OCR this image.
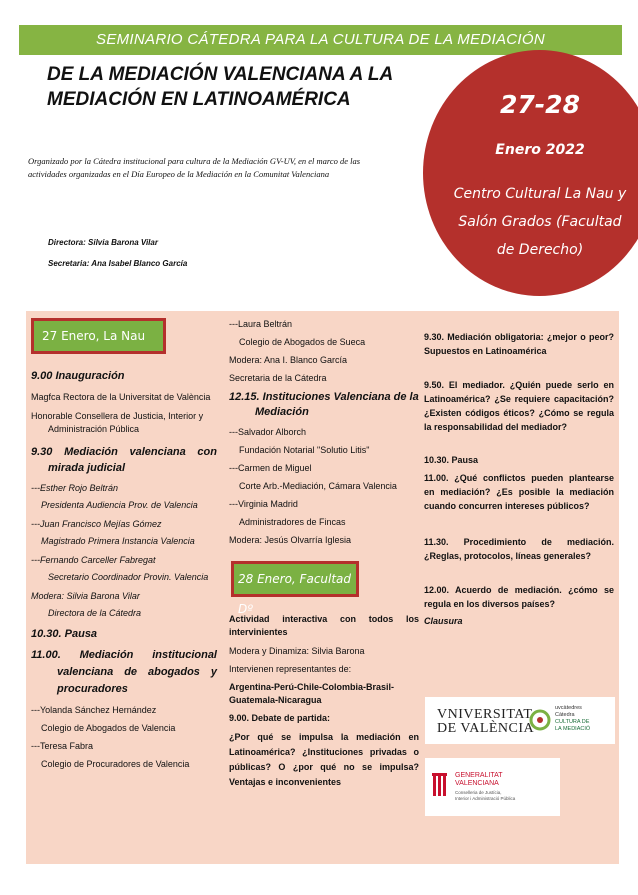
SEMINARIO CÁTEDRA PARA LA CULTURA DE LA MEDIACIÓN
DE LA MEDIACIÓN VALENCIANA A LA
MEDIACIÓN EN LATINOAMÉRICA
Organizado por la Cátedra institucional para cultura de la Mediación GV-UV, en el marco de las
actividades organizadas en el Día Europeo de la Mediación en la Comunitat Valenciana
Directora: Silvia Barona Vilar
Secretaria: Ana Isabel Blanco García
27-28
Enero 2022
Centro Cultural La Nau y
Salón Grados (Facultad
de Derecho)
27 Enero, La Nau
9.00 Inauguración
Magfca Rectora de la Universitat de València
Honorable Consellera de Justicia, Interior y Administración Pública
9.30 Mediación valenciana con mirada judicial
---Esther Rojo Beltrán
Presidenta Audiencia Prov. de Valencia
---Juan Francisco Mejías Gómez
Magistrado Primera Instancia Valencia
---Fernando Carceller Fabregat
Secretario Coordinador Provin. Valencia
Modera: Silvia Barona Vilar
Directora de la Cátedra
10.30. Pausa
11.00. Mediación institucional valenciana de abogados y procuradores
---Yolanda Sánchez Hernández
Colegio de Abogados de Valencia
---Teresa Fabra
Colegio de Procuradores de Valencia
---Laura Beltrán
Colegio de Abogados de Sueca
Modera: Ana I. Blanco García
Secretaria de la Cátedra
12.15. Instituciones Valenciana de la Mediación
---Salvador Alborch
Fundación Notarial "Solutio Litis"
---Carmen de Miguel
Corte Arb.-Mediación, Cámara Valencia
---Virginia Madrid
Administradores de Fincas
Modera: Jesús Olvarría Iglesia
28 Enero, Facultad Dº
Actividad interactiva con todos los intervinientes
Modera y Dinamiza: Silvia Barona
Intervienen representantes de:
Argentina-Perú-Chile-Colombia-Brasil-Guatemala-Nicaragua
9.00. Debate de partida:
¿Por qué se impulsa la mediación en Latinoamérica? ¿Instituciones privadas o públicas? O ¿por qué no se impulsa? Ventajas e inconvenientes
9.30. Mediación obligatoria: ¿mejor o peor? Supuestos en Latinoamérica
9.50. El mediador. ¿Quién puede serlo en Latinoamérica? ¿Se requiere capacitación? ¿Existen códigos éticos? ¿Cómo se regula la responsabilidad del mediador?
10.30. Pausa
11.00. ¿Qué conflictos pueden plantearse en mediación? ¿Es posible la mediación cuando concurren intereses públicos?
11.30. Procedimiento de mediación. ¿Reglas, protocolos, líneas generales?
12.00. Acuerdo de mediación. ¿cómo se regula en los diversos países?
Clausura
VNIVERSITAT
DE VALÈNCIA
uvcàtedres
Càtedra
CULTURA DE
LA MEDIACIÓ
GENERALITAT
VALENCIANA
Conselleria de Justícia,
Interior i Administració Pública
